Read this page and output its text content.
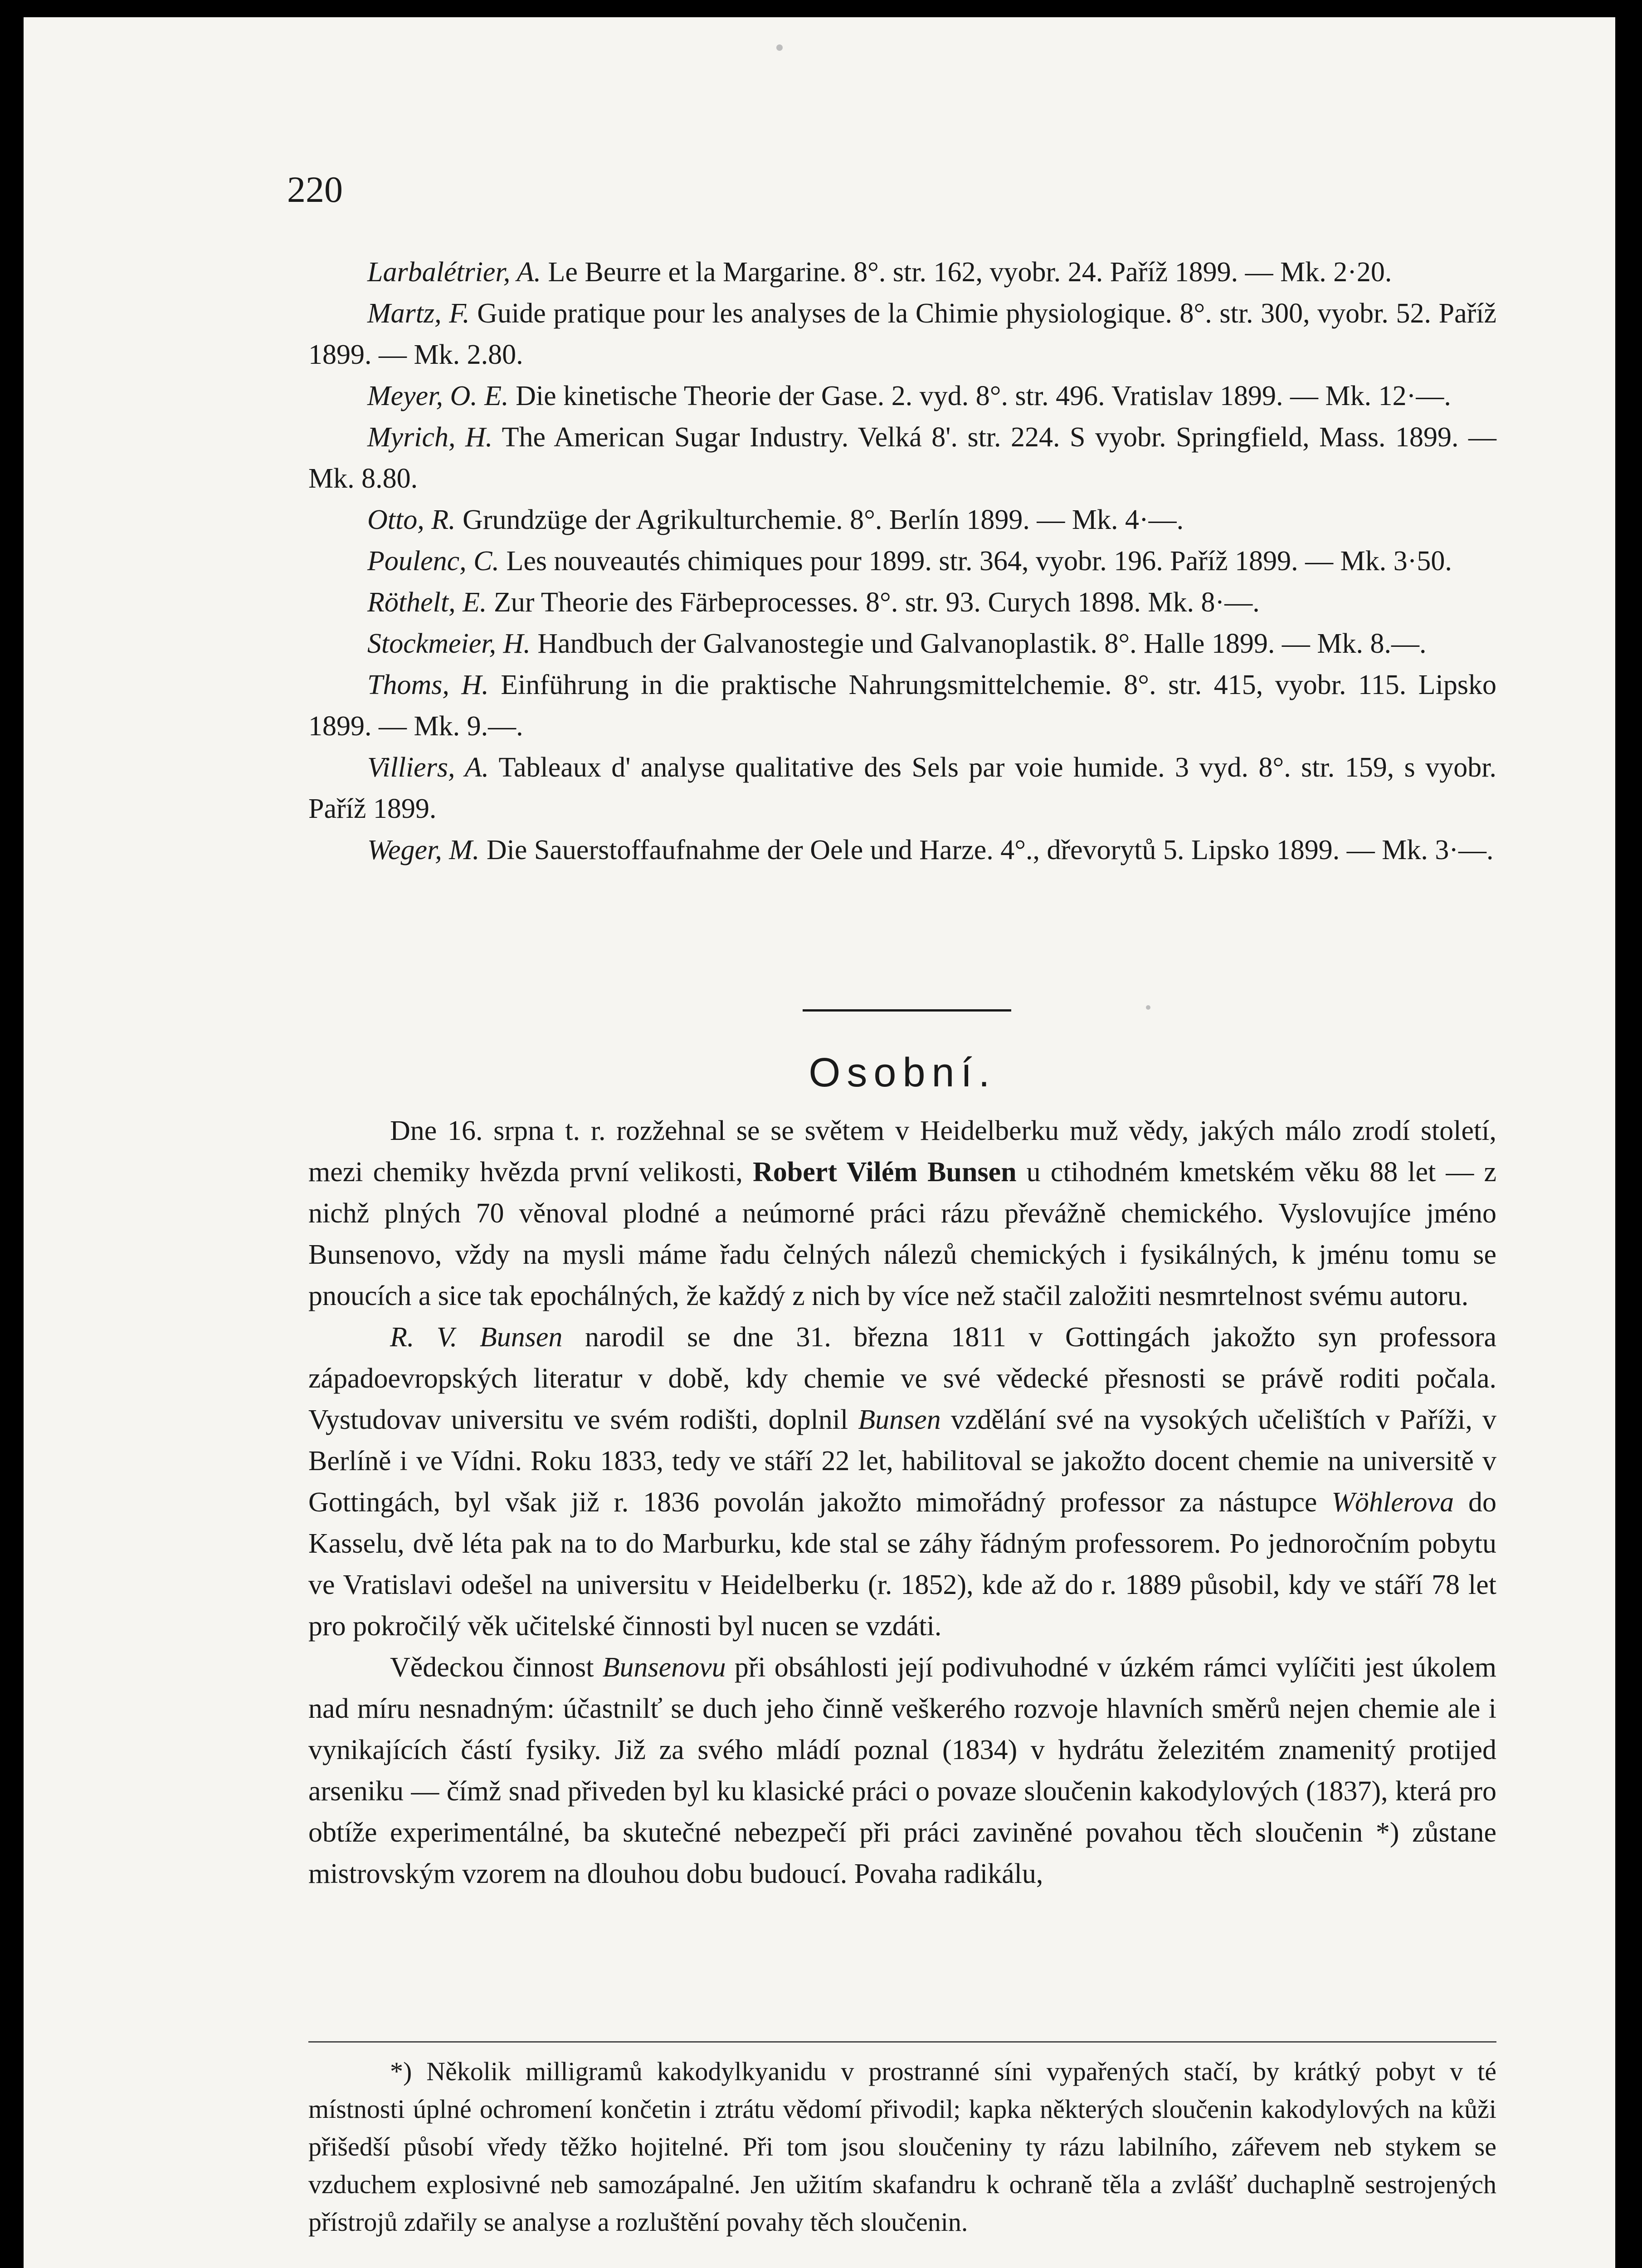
220

Larbalétrier, A. Le Beurre et la Margarine. 8°. str. 162, vyobr. 24. Paříž 1899. — Mk. 2·20.

Martz, F. Guide pratique pour les analyses de la Chimie physiologique. 8°. str. 300, vyobr. 52. Paříž 1899. — Mk. 2.80.

Meyer, O. E. Die kinetische Theorie der Gase. 2. vyd. 8°. str. 496. Vratislav 1899. — Mk. 12·—.

Myrich, H. The American Sugar Industry. Velká 8'. str. 224. S vyobr. Springfield, Mass. 1899. — Mk. 8.80.

Otto, R. Grundzüge der Agrikulturchemie. 8°. Berlín 1899. — Mk. 4·—.

Poulenc, C. Les nouveautés chimiques pour 1899. str. 364, vyobr. 196. Paříž 1899. — Mk. 3·50.

Röthelt, E. Zur Theorie des Färbeprocesses. 8°. str. 93. Curych 1898. Mk. 8·—.

Stockmeier, H. Handbuch der Galvanostegie und Galvanoplastik. 8°. Halle 1899. — Mk. 8.—.

Thoms, H. Einführung in die praktische Nahrungsmittelchemie. 8°. str. 415, vyobr. 115. Lipsko 1899. — Mk. 9.—.

Villiers, A. Tableaux d' analyse qualitative des Sels par voie humide. 3 vyd. 8°. str. 159, s vyobr. Paříž 1899.

Weger, M. Die Sauerstoffaufnahme der Oele und Harze. 4°., dřevorytů 5. Lipsko 1899. — Mk. 3·—.

Osobní.

Dne 16. srpna t. r. rozžehnal se se světem v Heidelberku muž vědy, jakých málo zrodí století, mezi chemiky hvězda první velikosti, Robert Vilém Bunsen u ctihodném kmetském věku 88 let — z nichž plných 70 věnoval plodné a neúmorné práci rázu převážně chemického. Vyslovujíce jméno Bunsenovo, vždy na mysli máme řadu čelných nálezů chemických i fysikálných, k jménu tomu se pnoucích a sice tak epochálných, že každý z nich by více než stačil založiti nesmrtelnost svému autoru.

R. V. Bunsen narodil se dne 31. března 1811 v Gottingách jakožto syn professora západoevropských literatur v době, kdy chemie ve své vědecké přesnosti se právě roditi počala. Vystudovav universitu ve svém rodišti, doplnil Bunsen vzdělání své na vysokých učelištích v Paříži, v Berlíně i ve Vídni. Roku 1833, tedy ve stáří 22 let, habilitoval se jakožto docent chemie na universitě v Gottingách, byl však již r. 1836 povolán jakožto mimořádný professor za nástupce Wöhlerova do Kasselu, dvě léta pak na to do Marburku, kde stal se záhy řádným professorem. Po jednoročním pobytu ve Vratislavi odešel na universitu v Heidelberku (r. 1852), kde až do r. 1889 působil, kdy ve stáří 78 let pro pokročilý věk učitelské činnosti byl nucen se vzdáti.

Vědeckou činnost Bunsenovu při obsáhlosti její podivuhodné v úzkém rámci vylíčiti jest úkolem nad míru nesnadným: účastnilť se duch jeho činně veškerého rozvoje hlavních směrů nejen chemie ale i vynikajících částí fysiky. Již za svého mládí poznal (1834) v hydrátu železitém znamenitý protijed arseniku — čímž snad přiveden byl ku klasické práci o povaze sloučenin kakodylových (1837), která pro obtíže experimentálné, ba skutečné nebezpečí při práci zaviněné povahou těch sloučenin *) zůstane mistrovským vzorem na dlouhou dobu budoucí. Povaha radikálu,

*) Několik milligramů kakodylkyanidu v prostranné síni vypařených stačí, by krátký pobyt v té místnosti úplné ochromení končetin i ztrátu vědomí přivodil; kapka některých sloučenin kakodylových na kůži přišedší působí vředy těžko hojitelné. Při tom jsou sloučeniny ty rázu labilního, zářevem neb stykem se vzduchem explosivné neb samozápalné. Jen užitím skafandru k ochraně těla a zvlášť duchaplně sestrojených přístrojů zdařily se analyse a rozluštění povahy těch sloučenin.
